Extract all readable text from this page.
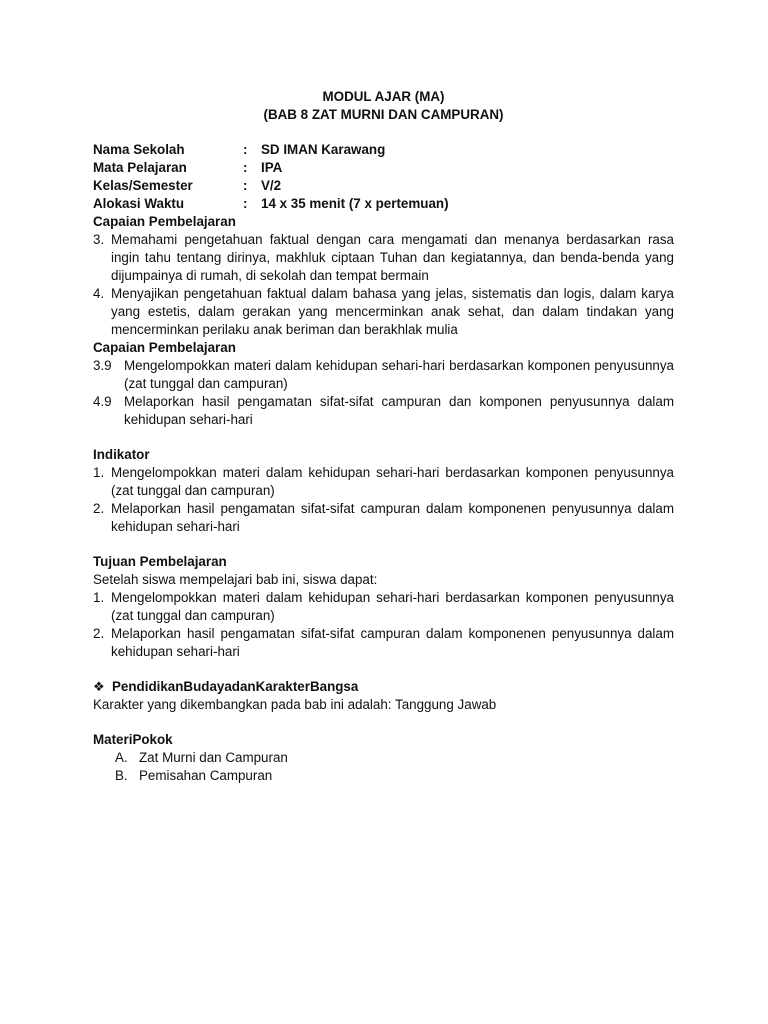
MODUL AJAR (MA)
(BAB 8 ZAT MURNI DAN CAMPURAN)
Nama Sekolah	:	SD IMAN Karawang
Mata Pelajaran	:	IPA
Kelas/Semester	:	V/2
Alokasi Waktu	:	14 x 35 menit (7 x pertemuan)
Capaian Pembelajaran
3. Memahami pengetahuan faktual dengan cara mengamati dan menanya berdasarkan rasa ingin tahu tentang dirinya, makhluk ciptaan Tuhan dan kegiatannya, dan benda-benda yang dijumpainya di rumah, di sekolah dan tempat bermain
4. Menyajikan pengetahuan faktual dalam bahasa yang jelas, sistematis dan logis, dalam karya yang estetis, dalam gerakan yang mencerminkan anak sehat, dan dalam tindakan yang mencerminkan perilaku anak beriman dan berakhlak mulia
Capaian Pembelajaran
3.9 Mengelompokkan materi dalam kehidupan sehari-hari berdasarkan komponen penyusunnya (zat tunggal dan campuran)
4.9 Melaporkan hasil pengamatan sifat-sifat campuran dan komponen penyusunnya dalam kehidupan sehari-hari
Indikator
1. Mengelompokkan materi dalam kehidupan sehari-hari berdasarkan komponen penyusunnya (zat tunggal dan campuran)
2. Melaporkan hasil pengamatan sifat-sifat campuran dalam komponenen penyusunnya dalam kehidupan sehari-hari
Tujuan Pembelajaran
Setelah siswa mempelajari bab ini, siswa dapat:
1. Mengelompokkan materi dalam kehidupan sehari-hari berdasarkan komponen penyusunnya (zat tunggal dan campuran)
2. Melaporkan hasil pengamatan sifat-sifat campuran dalam komponenen penyusunnya dalam kehidupan sehari-hari
❖ PendidikanBudayadanKarakterBangsa
Karakter yang dikembangkan pada bab ini adalah: Tanggung Jawab
MateriPokok
A. Zat Murni dan Campuran
B. Pemisahan Campuran
